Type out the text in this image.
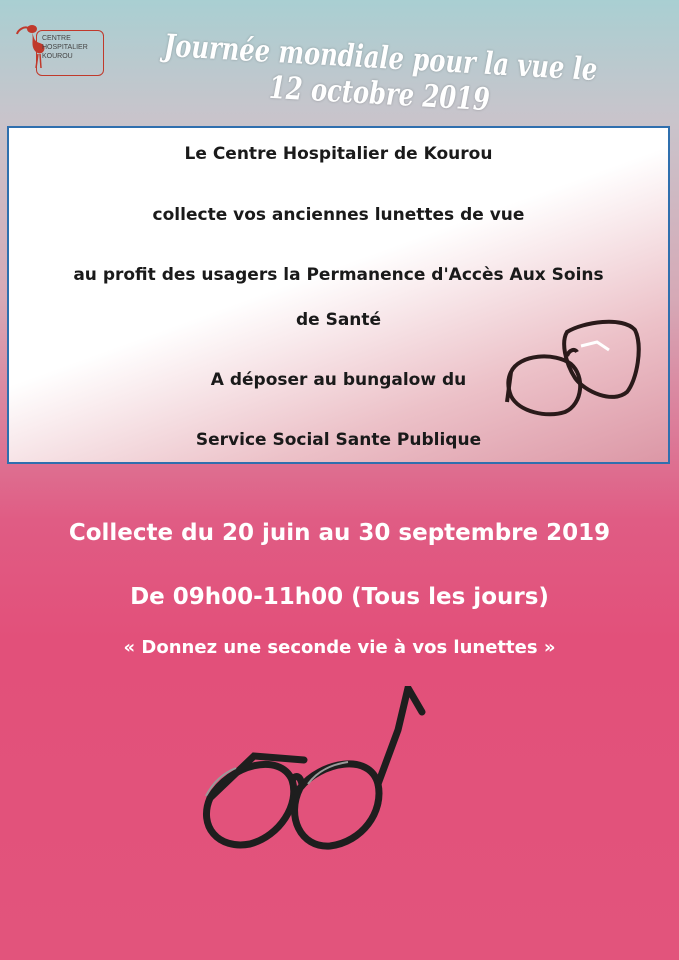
CENTRE
HOSPITALIER
KOUROU	Journée mondiale pour la vue le 12 octobre 2019
Le Centre Hospitalier de Kourou
collecte vos anciennes lunettes de vue
au profit des usagers la Permanence d'Accès Aux Soins
de Santé
A déposer au bungalow du
Service Social Sante Publique
Collecte du 20 juin au 30 septembre 2019
De 09h00-11h00 (Tous les jours)
« Donnez une seconde vie à vos lunettes »
